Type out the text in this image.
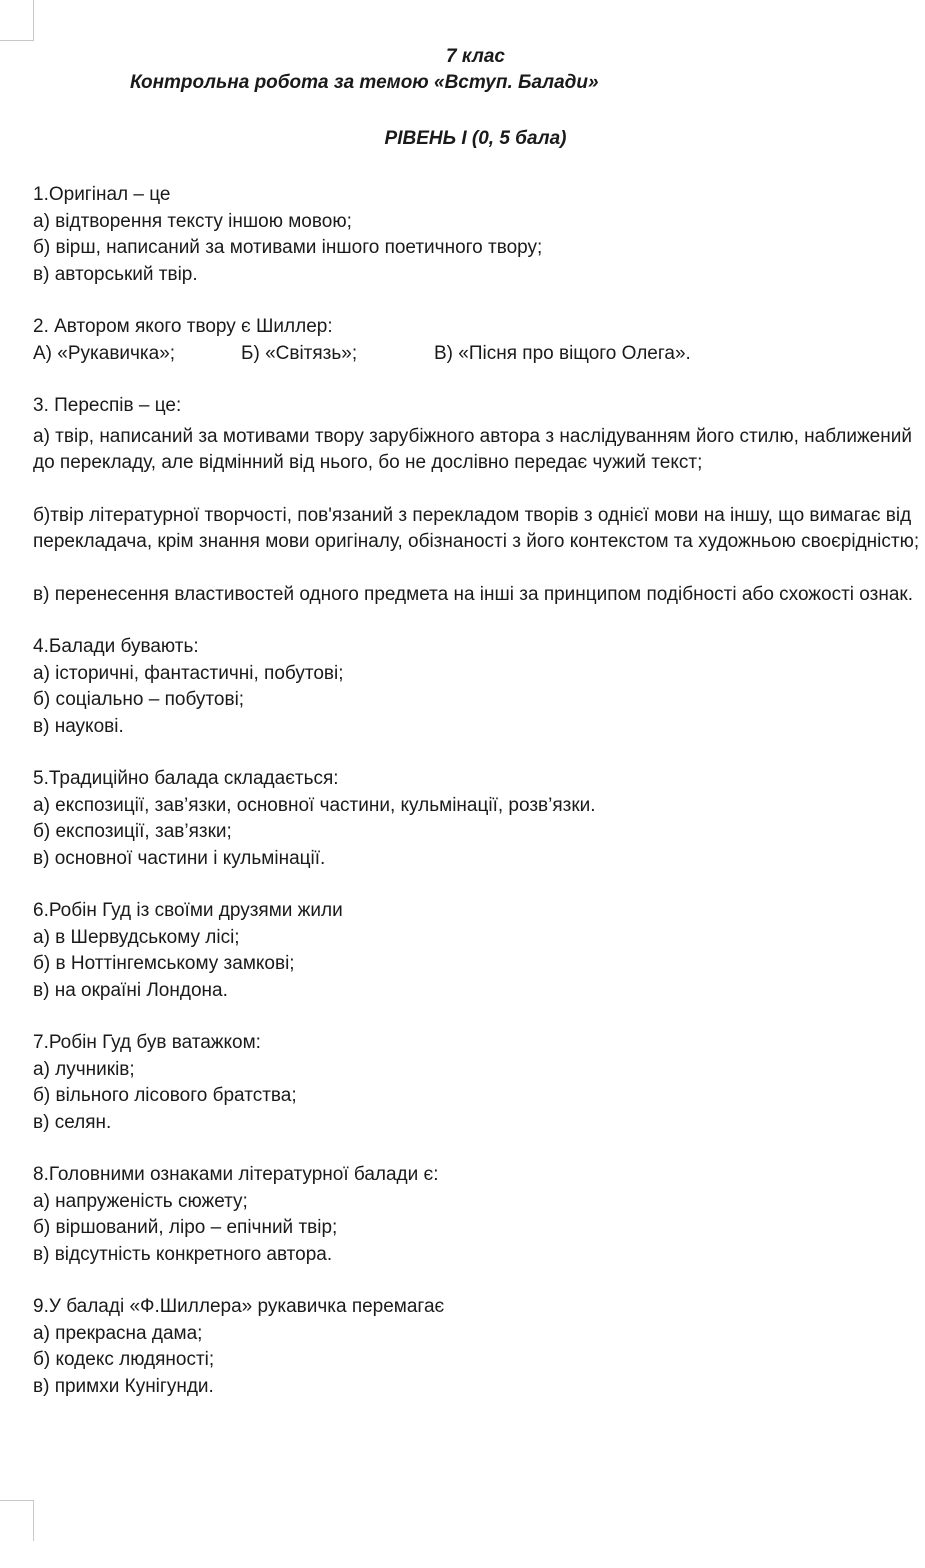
7 клас
Контрольна робота за темою «Вступ. Балади»
РІВЕНЬ І (0, 5 бала)
1.Оригінал – це
а) відтворення тексту іншою мовою;
б) вірш, написаний за мотивами іншого поетичного твору;
в) авторський твір.
2. Автором якого твору є Шиллер:
А) «Рукавичка»;	Б) «Світязь»;	В) «Пісня про віщого Олега».
3. Переспів – це:
а) твір, написаний за мотивами твору зарубіжного автора з наслідуванням його стилю, наближений до перекладу, але відмінний від нього, бо не дослівно передає чужий текст;
б)твір літературної творчості, пов'язаний з перекладом творів з однієї мови на іншу, що вимагає від перекладача, крім знання мови оригіналу, обізнаності з його контекстом та художньою своєрідністю;
в) перенесення властивостей одного предмета на інші за принципом подібності або схожості ознак.
4.Балади бувають:
а) історичні, фантастичні, побутові;
б) соціально – побутові;
в) наукові.
5.Традиційно балада складається:
а) експозиції, зав’язки, основної частини, кульмінації, розв’язки.
б) експозиції, зав’язки;
в) основної частини і кульмінації.
6.Робін Гуд із своїми друзями жили
а) в Шервудському лісі;
б) в Ноттінгемському замкові;
в) на окраїні Лондона.
7.Робін Гуд був ватажком:
а) лучників;
б) вільного лісового братства;
в) селян.
8.Головними ознаками літературної балади є:
а) напруженість сюжету;
б) віршований, ліро – епічний твір;
в) відсутність конкретного автора.
9.У баладі «Ф.Шиллера» рукавичка перемагає
а) прекрасна дама;
б) кодекс людяності;
в) примхи Кунігунди.
